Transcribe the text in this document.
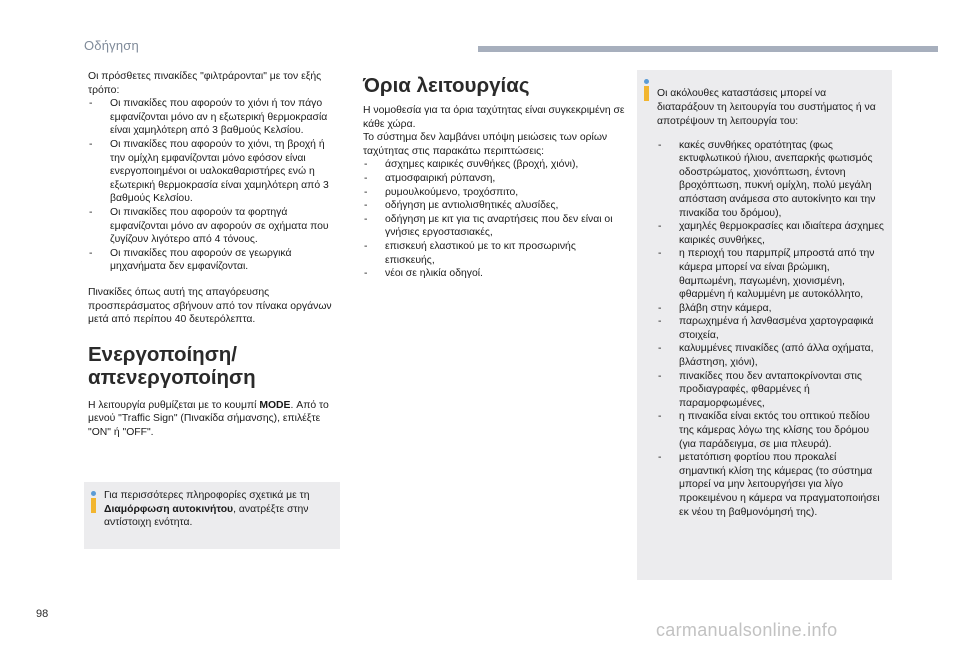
Οδήγηση

Οι πρόσθετες πινακίδες "φιλτράρονται" με τον εξής τρόπο:

- Οι πινακίδες που αφορούν το χιόνι ή τον πάγο εμφανίζονται μόνο αν η εξωτερική θερμοκρασία είναι χαμηλότερη από 3 βαθμούς Κελσίου.
- Οι πινακίδες που αφορούν το χιόνι, τη βροχή ή την ομίχλη εμφανίζονται μόνο εφόσον είναι ενεργοποιημένοι οι υαλοκαθαριστήρες ενώ η εξωτερική θερμοκρασία είναι χαμηλότερη από 3 βαθμούς Κελσίου.
- Οι πινακίδες που αφορούν τα φορτηγά εμφανίζονται μόνο αν αφορούν σε οχήματα που ζυγίζουν λιγότερο από 4 τόνους.
- Οι πινακίδες που αφορούν σε γεωργικά μηχανήματα δεν εμφανίζονται.

Πινακίδες όπως αυτή της απαγόρευσης προσπεράσματος σβήνουν από τον πίνακα οργάνων μετά από περίπου 40 δευτερόλεπτα.

Ενεργοποίηση/
απενεργοποίηση

Η λειτουργία ρυθμίζεται με το κουμπί MODE. Από το μενού "Traffic Sign" (Πινακίδα σήμανσης), επιλέξτε "ON" ή "OFF".

Για περισσότερες πληροφορίες σχετικά με τη Διαμόρφωση αυτοκινήτου, ανατρέξτε στην αντίστοιχη ενότητα.
Όρια λειτουργίας

Η νομοθεσία για τα όρια ταχύτητας είναι συγκεκριμένη σε κάθε χώρα.

Το σύστημα δεν λαμβάνει υπόψη μειώσεις των ορίων ταχύτητας στις παρακάτω περιπτώσεις:

- άσχημες καιρικές συνθήκες (βροχή, χιόνι),
- ατμοσφαιρική ρύπανση,
- ρυμουλκούμενο, τροχόσπιτο,
- οδήγηση με αντιολισθητικές αλυσίδες,
- οδήγηση με κιτ για τις αναρτήσεις που δεν είναι οι γνήσιες εργοστασιακές,
- επισκευή ελαστικού με το κιτ προσωρινής επισκευής,
- νέοι σε ηλικία οδηγοί.

Οι ακόλουθες καταστάσεις μπορεί να διαταράξουν τη λειτουργία του συστήματος ή να αποτρέψουν τη λειτουργία του:

- κακές συνθήκες ορατότητας (φως εκτυφλωτικού ήλιου, ανεπαρκής φωτισμός οδοστρώματος, χιονόπτωση, έντονη βροχόπτωση, πυκνή ομίχλη, πολύ μεγάλη απόσταση ανάμεσα στο αυτοκίνητο και την πινακίδα του δρόμου),
- χαμηλές θερμοκρασίες και ιδιαίτερα άσχημες καιρικές συνθήκες,
- η περιοχή του παρμπρίζ μπροστά από την κάμερα μπορεί να είναι βρώμικη, θαμπωμένη, παγωμένη, χιονισμένη, φθαρμένη ή καλυμμένη με αυτοκόλλητο,
- βλάβη στην κάμερα,
- παρωχημένα ή λανθασμένα χαρτογραφικά στοιχεία,
- καλυμμένες πινακίδες (από άλλα οχήματα, βλάστηση, χιόνι),
- πινακίδες που δεν ανταποκρίνονται στις προδιαγραφές, φθαρμένες ή παραμορφωμένες,
- η πινακίδα είναι εκτός του οπτικού πεδίου της κάμερας λόγω της κλίσης του δρόμου (για παράδειγμα, σε μια πλευρά).
- μετατόπιση φορτίου που προκαλεί σημαντική κλίση της κάμερας (το σύστημα μπορεί να μην λειτουργήσει για λίγο προκειμένου η κάμερα να πραγματοποιήσει εκ νέου τη βαθμονόμησή της).
98
carmanualsonline.info
